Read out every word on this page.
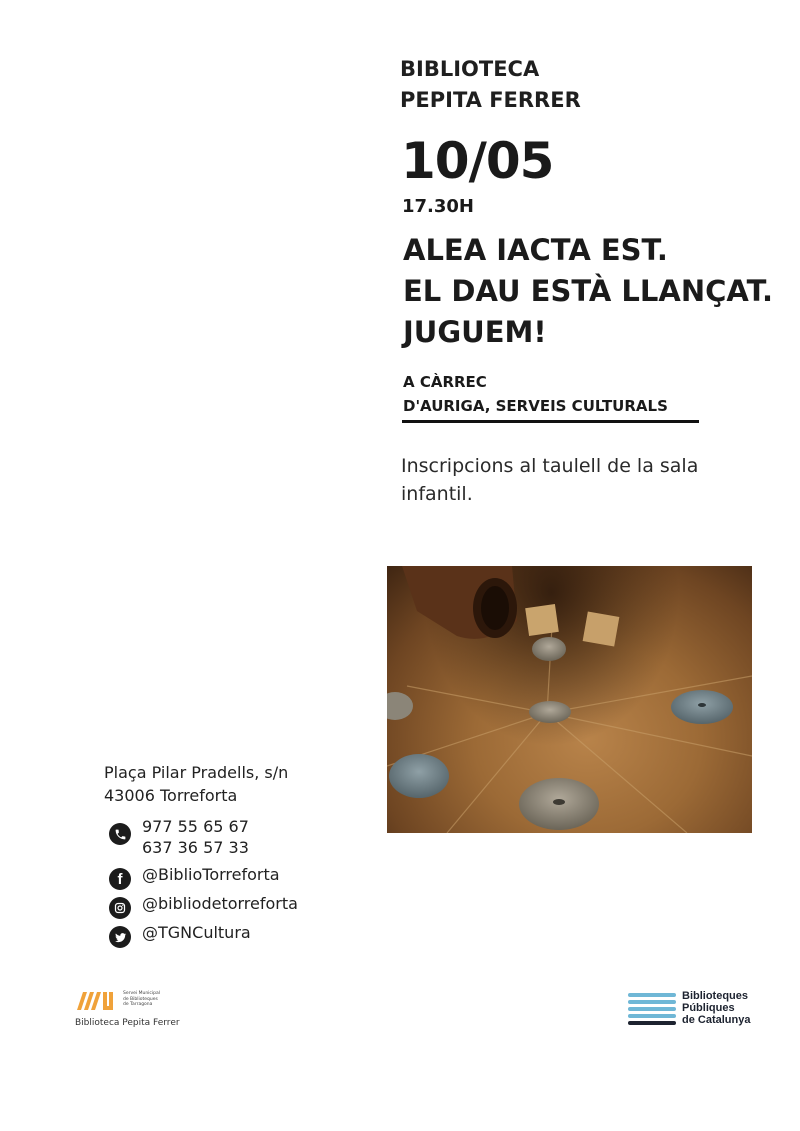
BIBLIOTECA
PEPITA FERRER
10/05
17.30H
ALEA IACTA EST.
EL DAU ESTÀ LLANÇAT.
JUGUEM!
A CÀRREC
D'AURIGA, SERVEIS CULTURALS
Inscripcions al taulell de la sala infantil.
Plaça Pilar Pradells, s/n
43006 Torreforta
977 55 65 67
637 36 57 33
f @BiblioTorreforta
@bibliodetorreforta
@TGNCultura
Servei Municipal
de Biblioteques
de Tarragona
Biblioteca Pepita Ferrer
Biblioteques
Públiques
de Catalunya
